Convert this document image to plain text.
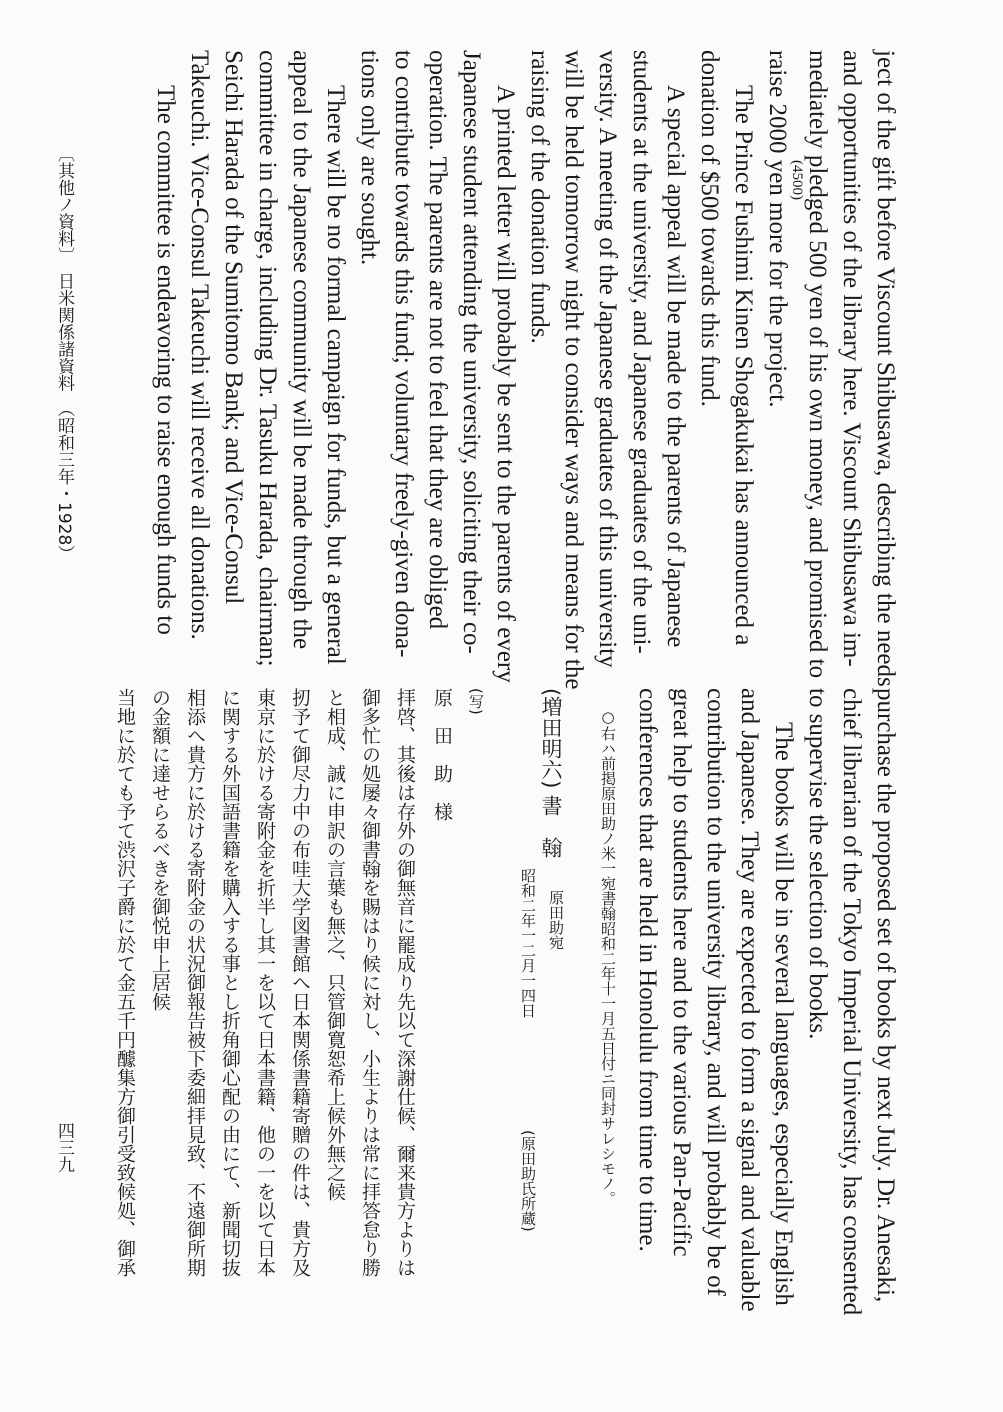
ject of the gift before Viscount Shibusawa, describing the needs
and opportunities of the library here. Viscount Shibusawa im-
mediately pledged 500 yen of his own money, and promised to
(4500)
raise 2000 yen more for the project.
The Prince Fushimi Kinen Shogakukai has announced a
donation of $500 towards this fund.
A special appeal will be made to the parents of Japanese
students at the university, and Japanese graduates of the uni-
versity. A meeting of the Japanese graduates of this university
will be held tomorrow night to consider ways and means for the
raising of the donation funds.
A printed letter will probably be sent to the parents of every
Japanese student attending the university, soliciting their co-
operation. The parents are not to feel that they are obliged
to contribute towards this fund; voluntary freely-given dona-
tions only are sought.
There will be no formal campaign for funds, but a general
appeal to the Japanese community will be made through the
committee in charge, including Dr. Tasuku Harada, chairman;
Seichi Harada of the Sumitomo Bank; and Vice-Consul
Takeuchi. Vice-Consul Takeuchi will receive all donations.
The committee is endeavoring to raise enough funds to
purchase the proposed set of books by next July. Dr. Anesaki,
chief librarian of the Tokyo Imperial University, has consented
to supervise the selection of books.
The books will be in several languages, especially English
and Japanese. They are expected to form a signal and valuable
contribution to the university library, and will probably be of
great help to students here and to the various Pan-Pacific
conferences that are held in Honolulu from time to time.
○右ハ前掲原田助ノ米一宛書翰昭和二年十一月五日付ニ同封サレシモノ。
(増田明六) 書　翰
原田助宛
昭和二年一二月一四日
(原田助氏所蔵)
(写)
原　田　助　様
拝啓、其後は存外の御無音に罷成り先以て深謝仕候、爾来貴方よりは
御多忙の処屡々御書翰を賜はり候に対し、小生よりは常に拝答怠り勝
と相成、誠に申訳の言葉も無之、只管御寛恕希上候外無之候
扨予て御尽力中の布哇大学図書館へ日本関係書籍寄贈の件は、貴方及
東京に於ける寄附金を折半し其一を以て日本書籍、他の一を以て日本
に関する外国語書籍を購入する事とし折角御心配の由にて、新聞切抜
相添へ貴方に於ける寄附金の状況御報告被下委細拝見致、不遠御所期
の金額に達せらるべきを御悦申上居候
当地に於ても予て渋沢子爵に於て金五千円醵集方御引受致候処、御承
〔其他ノ資料〕　日米関係諸資料　（昭和三年・1928）
四三九
